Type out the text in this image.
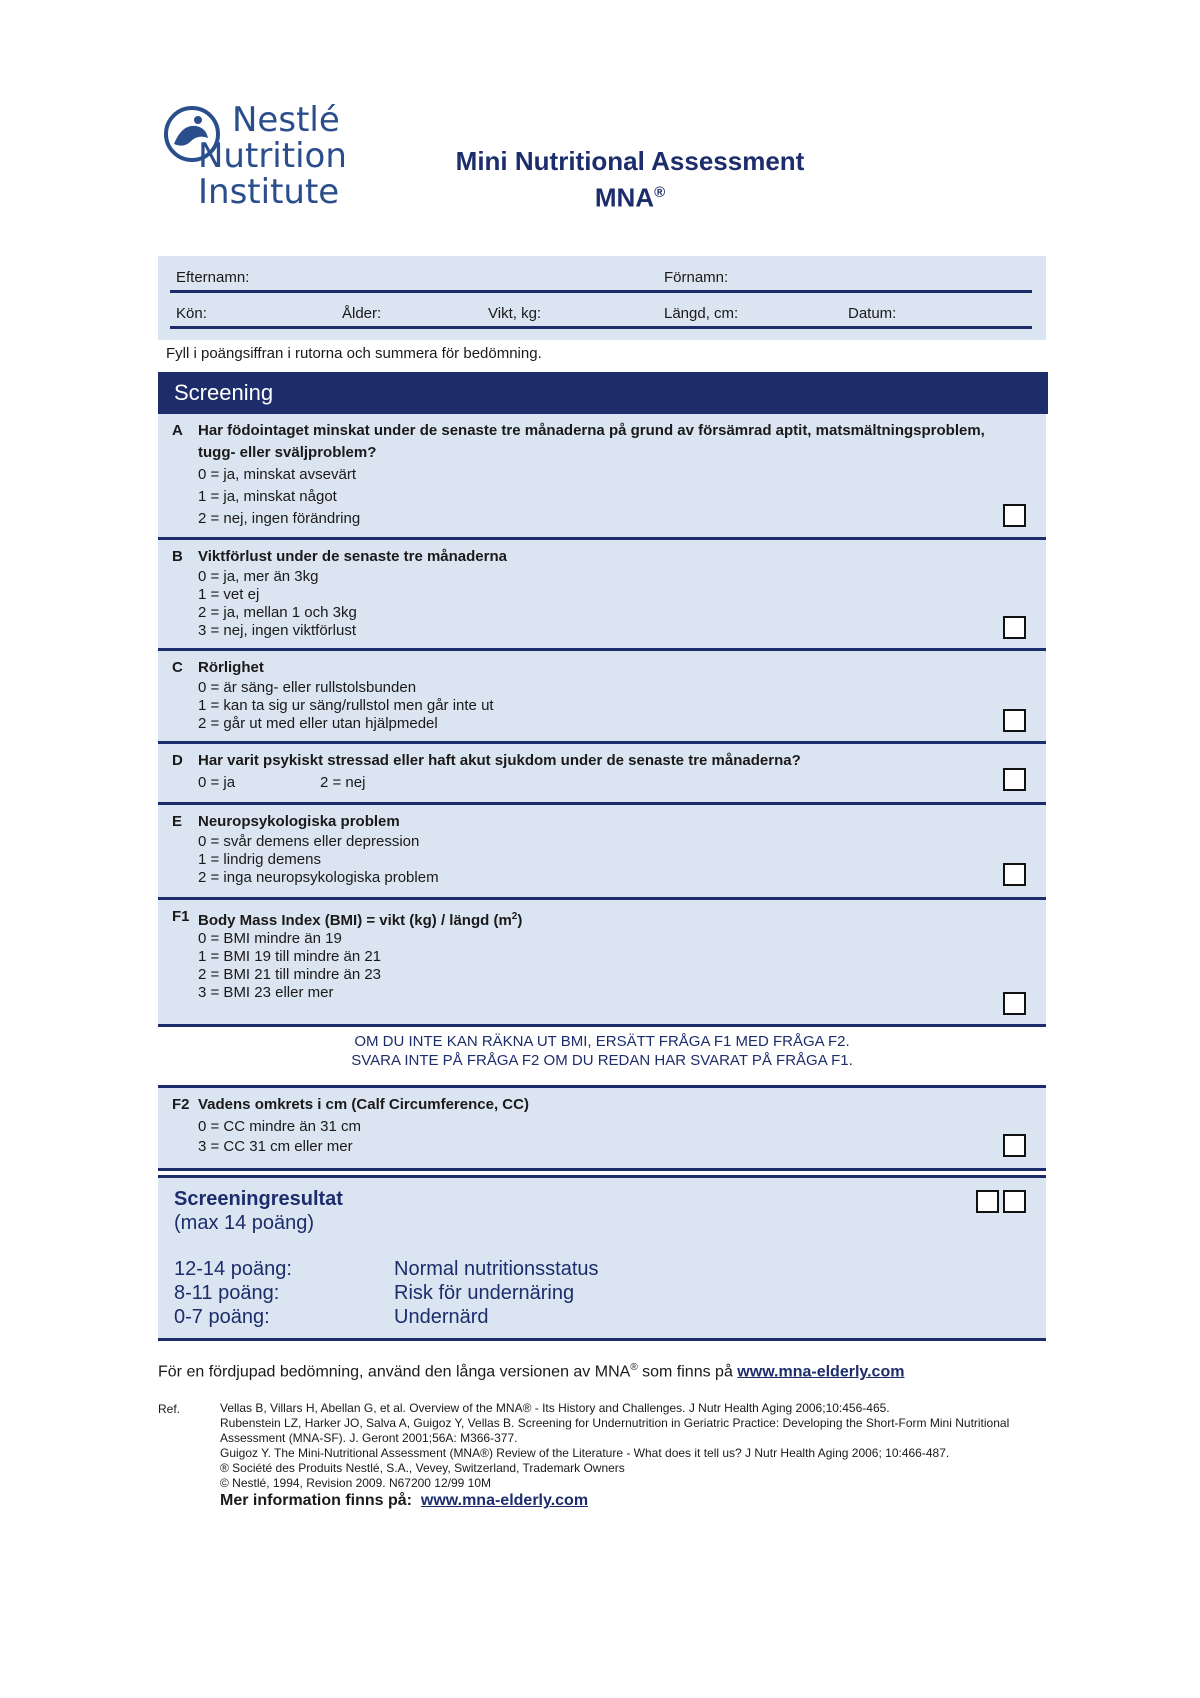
Nestlé
Nutrition
Institute
Mini Nutritional Assessment
MNA®
Efternamn:	Förnamn:
Kön:	Ålder:	Vikt, kg:	Längd, cm:	Datum:
Fyll i poängsiffran i rutorna och summera för bedömning.
Screening
A Har födointaget minskat under de senaste tre månaderna på grund av försämrad aptit, matsmältningsproblem, tugg- eller sväljproblem?
0 = ja, minskat avsevärt
1 = ja, minskat något
2 = nej, ingen förändring
B Viktförlust under de senaste tre månaderna
0 = ja, mer än 3kg
1 = vet ej
2 = ja, mellan 1 och 3kg
3 = nej, ingen viktförlust
C Rörlighet
0 = är säng- eller rullstolsbunden
1 = kan ta sig ur säng/rullstol men går inte ut
2 = går ut med eller utan hjälpmedel
D Har varit psykiskt stressad eller haft akut sjukdom under de senaste tre månaderna?
0 = ja	2 = nej
E Neuropsykologiska problem
0 = svår demens eller depression
1 = lindrig demens
2 = inga neuropsykologiska problem
F1 Body Mass Index (BMI) = vikt (kg) / längd $(m^2)$
0 = BMI mindre än 19
1 = BMI 19 till mindre än 21
2 = BMI 21 till mindre än 23
3 = BMI 23 eller mer
OM DU INTE KAN RÄKNA UT BMI, ERSÄTT FRÅGA F1 MED FRÅGA F2.
SVARA INTE PÅ FRÅGA F2 OM DU REDAN HAR SVARAT PÅ FRÅGA F1.
F2 Vadens omkrets i cm (Calf Circumference, CC)
0 = CC mindre än 31 cm
3 = CC 31 cm eller mer
Screeningresultat
(max 14 poäng)
12-14 poäng:	Normal nutritionsstatus
8-11 poäng:	Risk för undernäring
0-7 poäng:	Undernärd
För en fördjupad bedömning, använd den långa versionen av MNA® som finns på www.mna-elderly.com
Ref.	Vellas B, Villars H, Abellan G, et al. Overview of the MNA® - Its History and Challenges. J Nutr Health Aging 2006;10:456-465.
Rubenstein LZ, Harker JO, Salva A, Guigoz Y, Vellas B. Screening for Undernutrition in Geriatric Practice: Developing the Short-Form Mini Nutritional Assessment (MNA-SF). J. Geront 2001;56A: M366-377.
Guigoz Y. The Mini-Nutritional Assessment (MNA®) Review of the Literature - What does it tell us? J Nutr Health Aging 2006; 10:466-487.
® Société des Produits Nestlé, S.A., Vevey, Switzerland, Trademark Owners
© Nestlé, 1994, Revision 2009. N67200 12/99 10M
Mer information finns på: www.mna-elderly.com
